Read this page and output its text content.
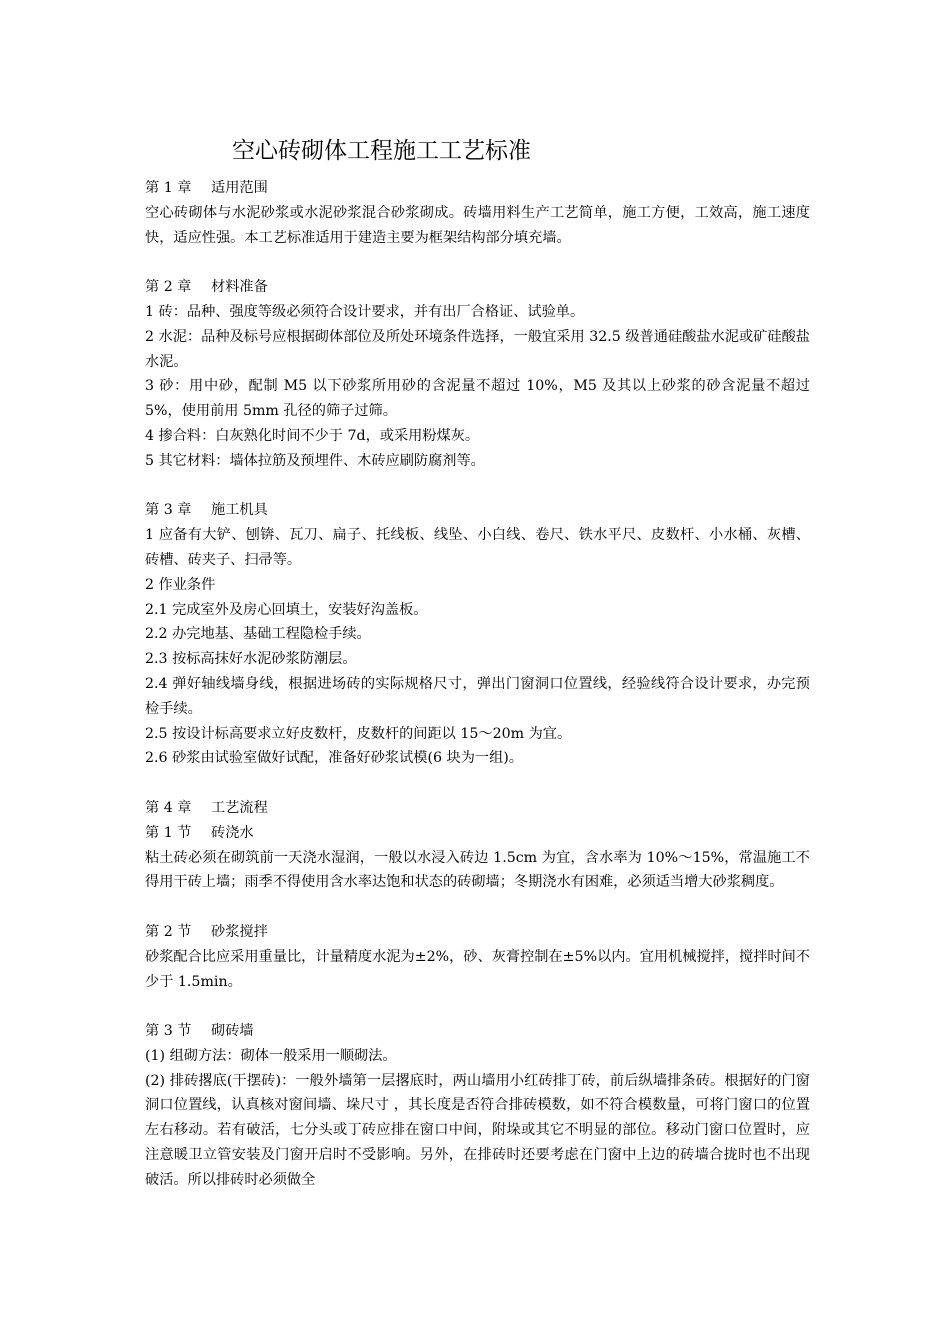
空心砖砌体工程施工工艺标准

第 1 章 适用范围

空心砖砌体与水泥砂浆或水泥砂浆混合砂浆砌成。砖墙用料生产工艺简单，施工方便，工效高，施工速度快，适应性强。本工艺标准适用于建造主要为框架结构部分填充墙。

第 2 章 材料准备

1 砖：品种、强度等级必须符合设计要求，并有出厂合格证、试验单。

2 水泥：品种及标号应根据砌体部位及所处环境条件选择，一般宜采用 32.5 级普通硅酸盐水泥或矿硅酸盐水泥。

3 砂：用中砂，配制 M5 以下砂浆所用砂的含泥量不超过 10%，M5 及其以上砂浆的砂含泥量不超过 5%，使用前用 5mm 孔径的筛子过筛。

4 掺合料：白灰熟化时间不少于 7d，或采用粉煤灰。

5 其它材料：墙体拉筋及预埋件、木砖应刷防腐剂等。

第 3 章 施工机具

1 应备有大铲、刨锛、瓦刀、扁子、托线板、线坠、小白线、卷尺、铁水平尺、皮数杆、小水桶、灰槽、砖槽、砖夹子、扫帚等。

2 作业条件

2.1 完成室外及房心回填土，安装好沟盖板。

2.2 办完地基、基础工程隐检手续。

2.3 按标高抹好水泥砂浆防潮层。

2.4 弹好轴线墙身线，根据进场砖的实际规格尺寸，弹出门窗洞口位置线，经验线符合设计要求，办完预检手续。

2.5 按设计标高要求立好皮数杆，皮数杆的间距以 15～20m 为宜。

2.6 砂浆由试验室做好试配，准备好砂浆试模(6 块为一组)。

第 4 章 工艺流程

第 1 节 砖浇水

粘土砖必须在砌筑前一天浇水湿润，一般以水浸入砖边 1.5cm 为宜，含水率为 10%～15%，常温施工不得用干砖上墙；雨季不得使用含水率达饱和状态的砖砌墙；冬期浇水有困难，必须适当增大砂浆稠度。

第 2 节 砂浆搅拌

砂浆配合比应采用重量比，计量精度水泥为±2%，砂、灰膏控制在±5%以内。宜用机械搅拌，搅拌时间不少于 1.5min。

第 3 节 砌砖墙

(1) 组砌方法：砌体一般采用一顺砌法。

(2) 排砖撂底(干摆砖)：一般外墙第一层撂底时，两山墙用小红砖排丁砖，前后纵墙排条砖。根据好的门窗洞口位置线，认真核对窗间墙、垛尺寸 ，其长度是否符合排砖模数，如不符合模数量，可将门窗口的位置左右移动。若有破活，七分头或丁砖应排在窗口中间，附垛或其它不明显的部位。移动门窗口位置时，应注意暖卫立管安装及门窗开启时不受影响。另外，在排砖时还要考虑在门窗中上边的砖墙合拢时也不出现破活。所以排砖时必须做全
